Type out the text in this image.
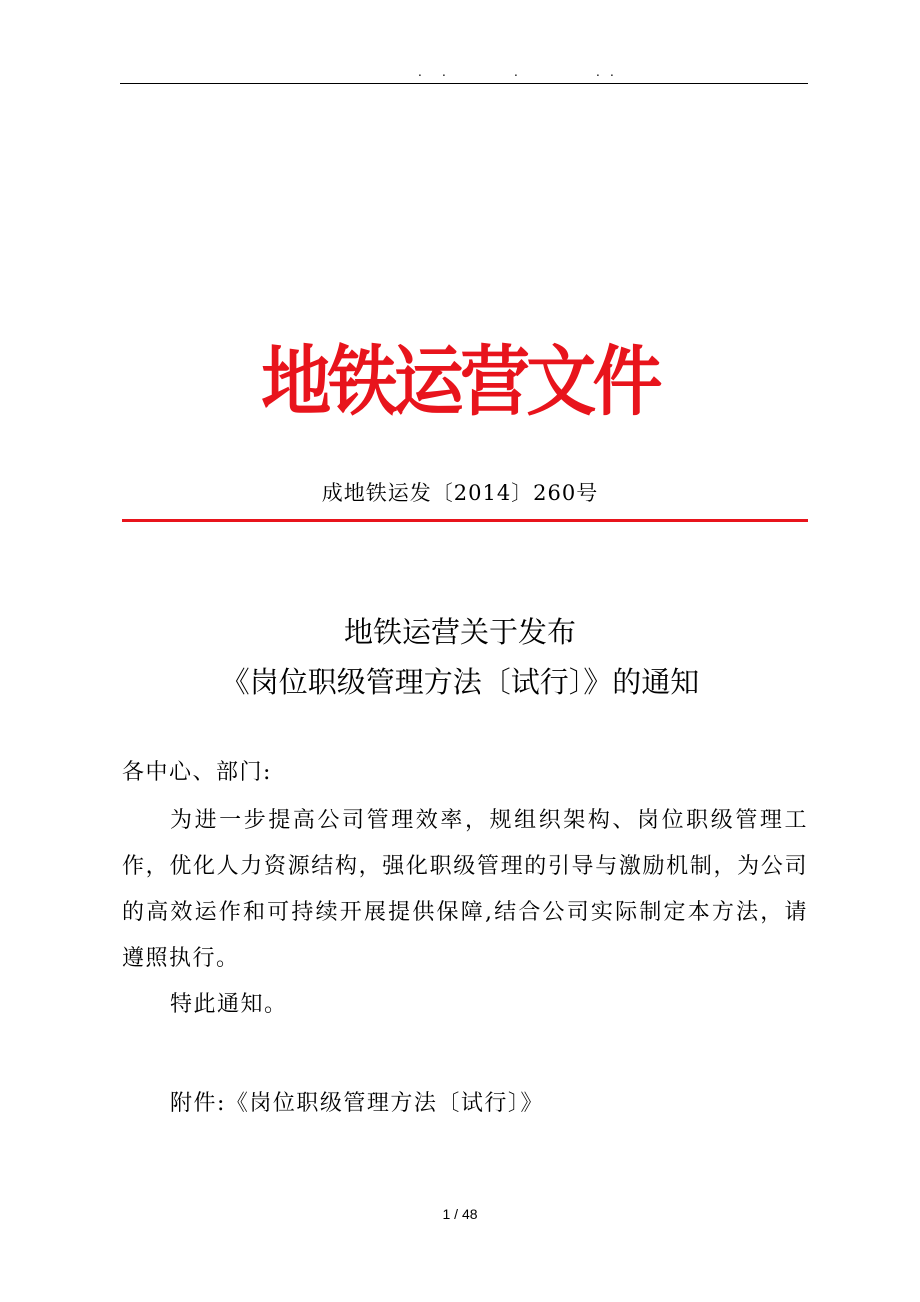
. .	.	. .
地铁运营文件
成地铁运发〔2014〕260号
地铁运营关于发布
《岗位职级管理方法〔试行〕》的通知
各中心、部门:
为进一步提高公司管理效率，规组织架构、岗位职级管理工作，优化人力资源结构，强化职级管理的引导与激励机制，为公司的高效运作和可持续开展提供保障,结合公司实际制定本方法，请遵照执行。
特此通知。
附件:《岗位职级管理方法〔试行〕》
1 / 48
